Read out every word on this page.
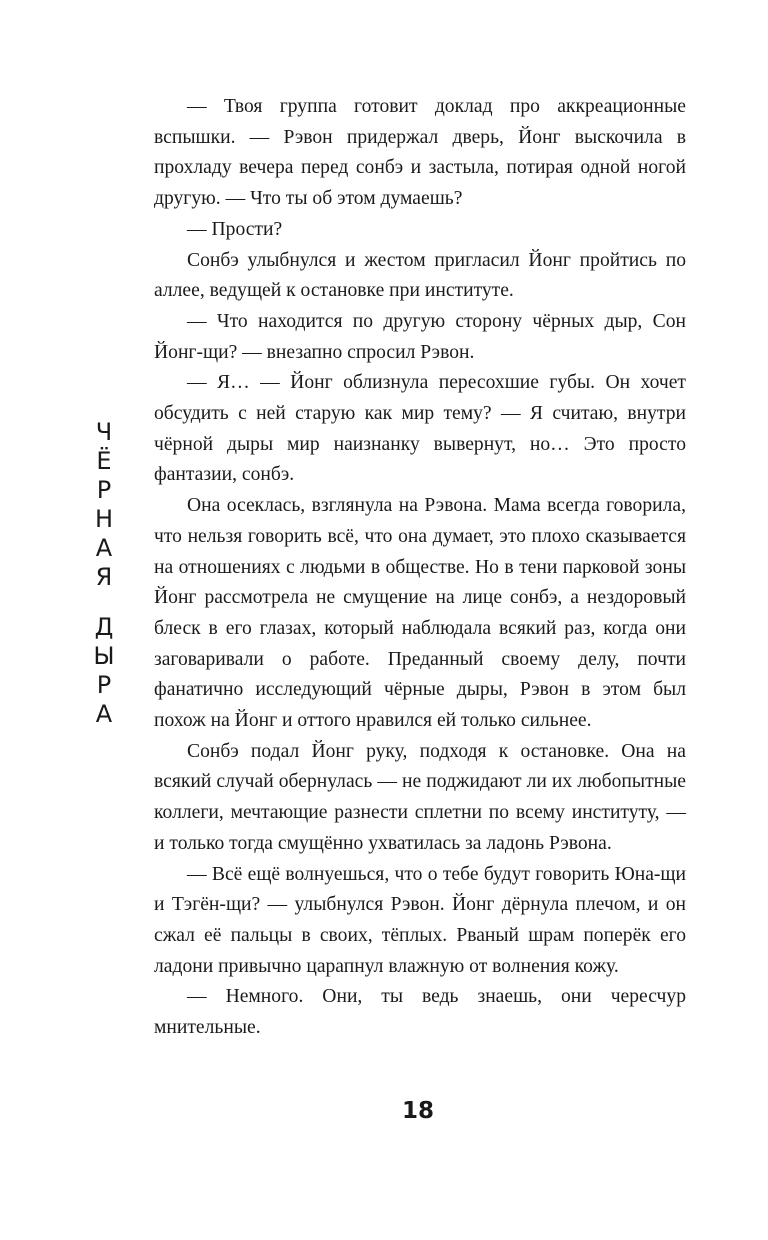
Ч
Ё
Р
Н
А
Я
Д
Ы
Р
А

— Твоя группа готовит доклад про аккреационные вспышки. — Рэвон придержал дверь, Йонг выскочила в прохладу вечера перед сонбэ и застыла, потирая одной ногой другую. — Что ты об этом думаешь?

— Прости?

Сонбэ улыбнулся и жестом пригласил Йонг пройтись по аллее, ведущей к остановке при институте.

— Что находится по другую сторону чёрных дыр, Сон Йонг-щи? — внезапно спросил Рэвон.

— Я… — Йонг облизнула пересохшие губы. Он хочет обсудить с ней старую как мир тему? — Я считаю, внутри чёрной дыры мир наизнанку вывернут, но… Это просто фантазии, сонбэ.

Она осеклась, взглянула на Рэвона. Мама всегда говорила, что нельзя говорить всё, что она думает, это плохо сказывается на отношениях с людьми в обществе. Но в тени парковой зоны Йонг рассмотрела не смущение на лице сонбэ, а нездоровый блеск в его глазах, который наблюдала всякий раз, когда они заговаривали о работе. Преданный своему делу, почти фанатично исследующий чёрные дыры, Рэвон в этом был похож на Йонг и оттого нравился ей только сильнее.

Сонбэ подал Йонг руку, подходя к остановке. Она на всякий случай обернулась — не поджидают ли их любопытные коллеги, мечтающие разнести сплетни по всему институту, — и только тогда смущённо ухватилась за ладонь Рэвона.

— Всё ещё волнуешься, что о тебе будут говорить Юна-щи и Тэгён-щи? — улыбнулся Рэвон. Йонг дёрнула плечом, и он сжал её пальцы в своих, тёплых. Рваный шрам поперёк его ладони привычно царапнул влажную от волнения кожу.

— Немного. Они, ты ведь знаешь, они чересчур мнительные.

18
